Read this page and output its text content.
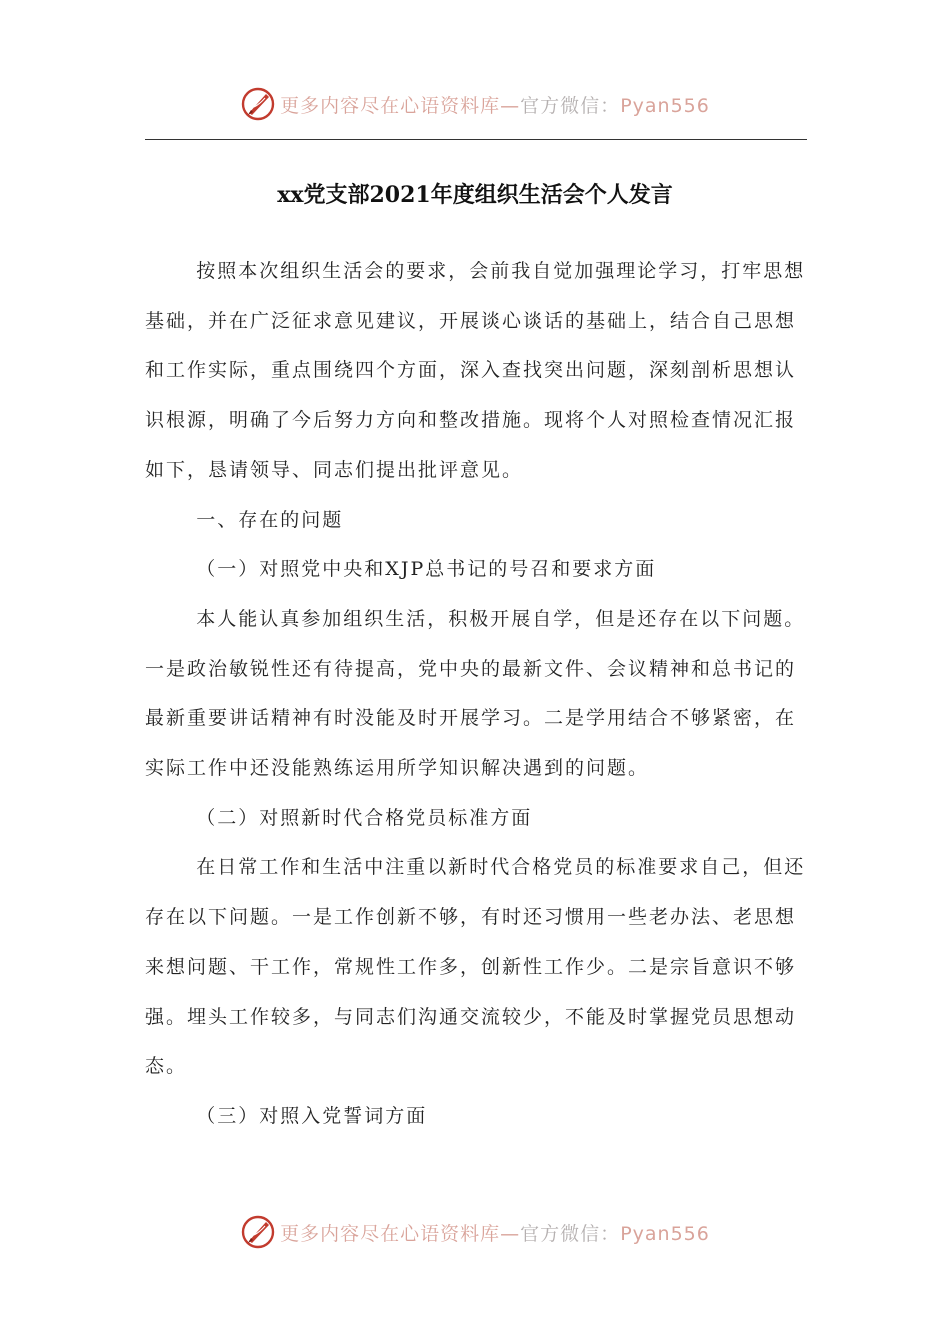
更多内容尽在心语资料库—官方微信：Pyan556
xx党支部2021年度组织生活会个人发言

按照本次组织生活会的要求，会前我自觉加强理论学习，打牢思想基础，并在广泛征求意见建议，开展谈心谈话的基础上，结合自己思想和工作实际，重点围绕四个方面，深入查找突出问题，深刻剖析思想认识根源，明确了今后努力方向和整改措施。现将个人对照检查情况汇报如下，恳请领导、同志们提出批评意见。

一、存在的问题

（一）对照党中央和XJP总书记的号召和要求方面

本人能认真参加组织生活，积极开展自学，但是还存在以下问题。一是政治敏锐性还有待提高，党中央的最新文件、会议精神和总书记的最新重要讲话精神有时没能及时开展学习。二是学用结合不够紧密，在实际工作中还没能熟练运用所学知识解决遇到的问题。

（二）对照新时代合格党员标准方面

在日常工作和生活中注重以新时代合格党员的标准要求自己，但还存在以下问题。一是工作创新不够，有时还习惯用一些老办法、老思想来想问题、干工作，常规性工作多，创新性工作少。二是宗旨意识不够强。埋头工作较多，与同志们沟通交流较少，不能及时掌握党员思想动态。

（三）对照入党誓词方面

更多内容尽在心语资料库—官方微信：Pyan556
